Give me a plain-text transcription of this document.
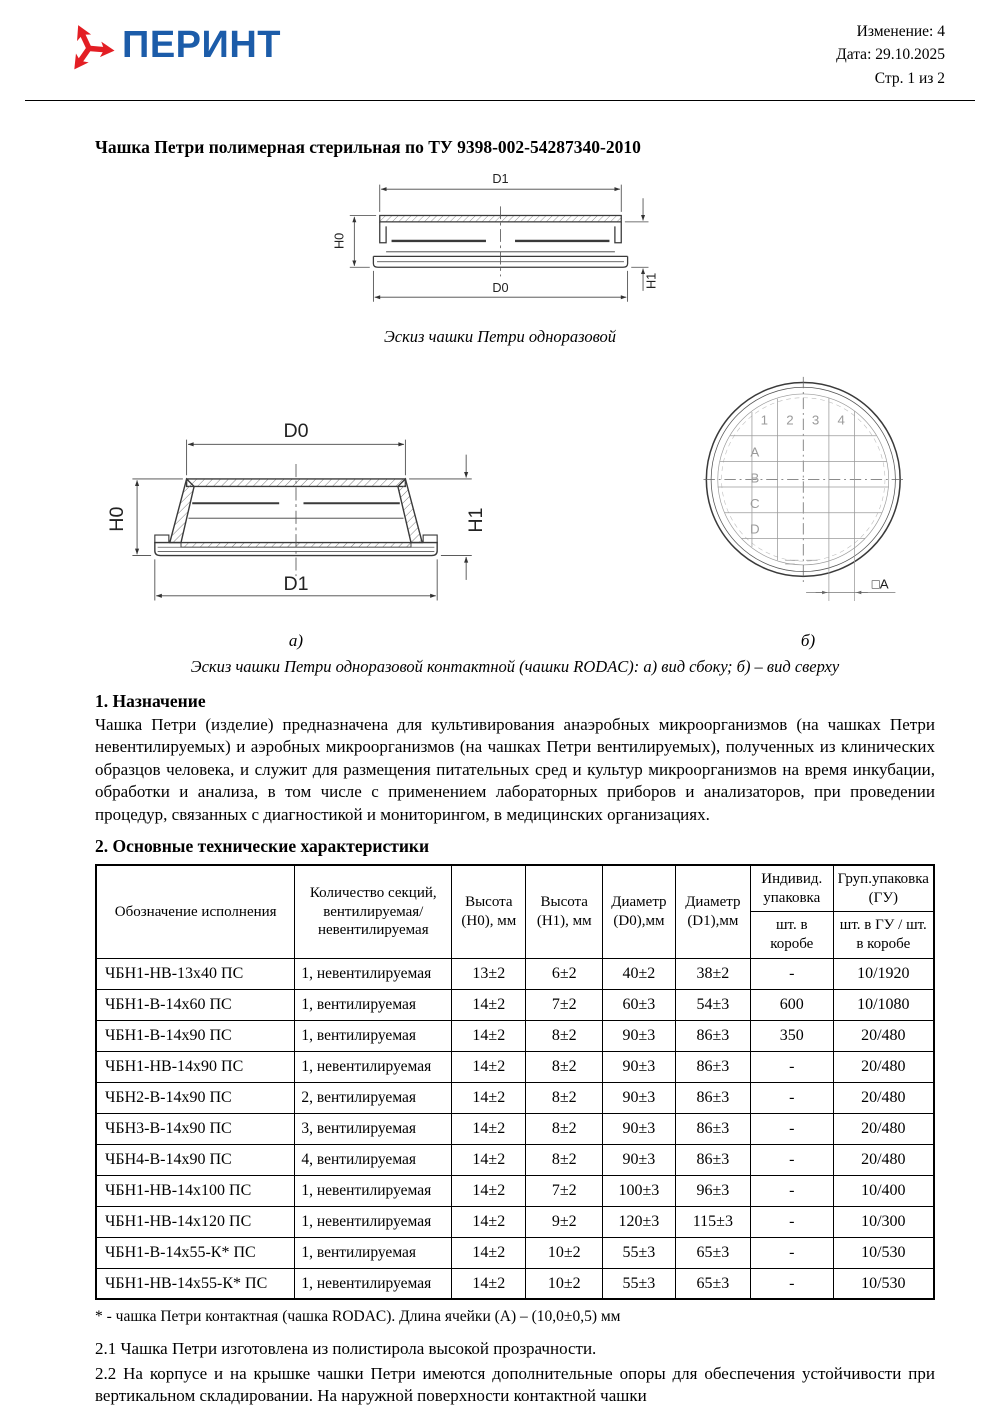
ПЕРИНТ	Изменение: 4
Дата: 29.10.2025
Стр. 1 из 2
Чашка Петри полимерная стерильная по ТУ 9398-002-54287340-2010
D1
D0
H0
H1
Эскиз чашки Петри одноразовой
D0
D1
H0	H1
а)
1 2 3 4
A
B
C
D
□A
б)
Эскиз чашки Петри одноразовой контактной (чашки RODAC): а) вид сбоку; б) – вид сверху
1. Назначение

Чашка Петри (изделие) предназначена для культивирования анаэробных микроорганизмов (на чашках Петри невентилируемых) и аэробных микроорганизмов (на чашках Петри вентилируемых), полученных из клинических образцов человека, и служит для размещения питательных сред и культур микроорганизмов на время инкубации, обработки и анализа, в том числе с применением лабораторных приборов и анализаторов, при проведении процедур, связанных с диагностикой и мониторингом, в медицинских организациях.

2. Основные технические характеристики
Обозначение исполнения	Количество секций, вентилируемая/невентилируемая	Высота (Н0), мм	Высота (Н1), мм	Диаметр (D0),мм	Диаметр (D1),мм	Индивид. упаковка	Груп.упаковка (ГУ)
						шт. в коробе	шт. в ГУ / шт. в коробе
ЧБН1-НВ-13х40 ПС	1, невентилируемая	13±2	6±2	40±2	38±2	-	10/1920
ЧБН1-В-14х60 ПС	1, вентилируемая	14±2	7±2	60±3	54±3	600	10/1080
ЧБН1-В-14х90 ПС	1, вентилируемая	14±2	8±2	90±3	86±3	350	20/480
ЧБН1-НВ-14х90 ПС	1, невентилируемая	14±2	8±2	90±3	86±3	-	20/480
ЧБН2-В-14х90 ПС	2, вентилируемая	14±2	8±2	90±3	86±3	-	20/480
ЧБН3-В-14х90 ПС	3, вентилируемая	14±2	8±2	90±3	86±3	-	20/480
ЧБН4-В-14х90 ПС	4, вентилируемая	14±2	8±2	90±3	86±3	-	20/480
ЧБН1-НВ-14х100 ПС	1, невентилируемая	14±2	7±2	100±3	96±3	-	10/400
ЧБН1-НВ-14х120 ПС	1, невентилируемая	14±2	9±2	120±3	115±3	-	10/300
ЧБН1-В-14х55-К* ПС	1, вентилируемая	14±2	10±2	55±3	65±3	-	10/530
ЧБН1-НВ-14х55-К* ПС	1, невентилируемая	14±2	10±2	55±3	65±3	-	10/530
* - чашка Петри контактная (чашка RODAC). Длина ячейки (А) – (10,0±0,5) мм

2.1 Чашка Петри изготовлена из полистирола высокой прозрачности.

2.2 На корпусе и на крышке чашки Петри имеются дополнительные опоры для обеспечения устойчивости при вертикальном складировании. На наружной поверхности контактной чашки
